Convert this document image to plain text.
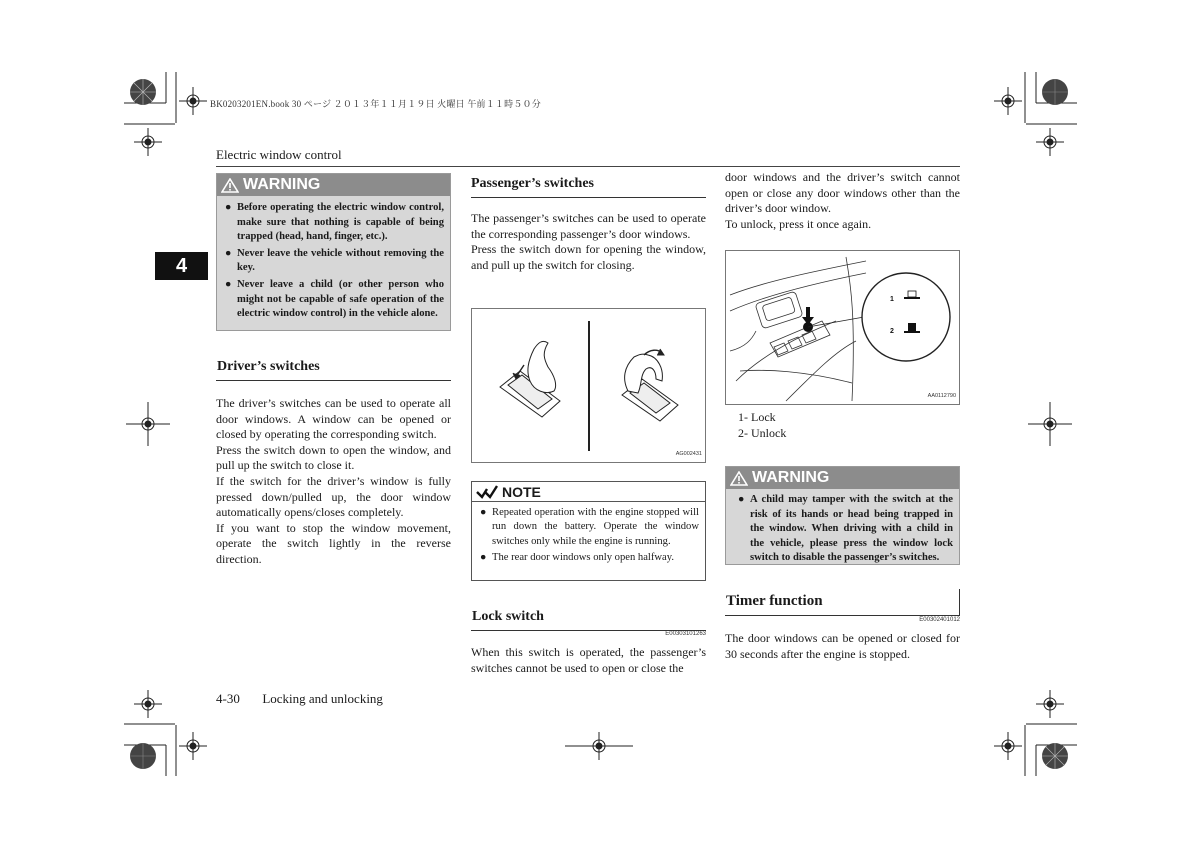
BK0203201EN.book 30 ページ ２０１３年１１月１９日 火曜日 午前１１時５０分
Electric window control
4
WARNING
● Before operating the electric window control, make sure that nothing is capable of being trapped (head, hand, finger, etc.).
● Never leave the vehicle without removing the key.
● Never leave a child (or other person who might not be capable of safe operation of the electric window control) in the vehicle alone.
Driver’s switches

The driver’s switches can be used to operate all door windows. A window can be opened or closed by operating the corresponding switch.

Press the switch down to open the window, and pull up the switch to close it.

If the switch for the driver’s window is fully pressed down/pulled up, the door window automatically opens/closes completely.

If you want to stop the window movement, operate the switch lightly in the reverse direction.

Passenger’s switches

The passenger’s switches can be used to operate the corresponding passenger’s door windows.

Press the switch down for opening the window, and pull up the switch for closing.

AG002431
NOTE
● Repeated operation with the engine stopped will run down the battery. Operate the window switches only while the engine is running.
● The rear door windows only open halfway.
Lock switch
E00303101263

When this switch is operated, the passenger’s switches cannot be used to open or close the

door windows and the driver’s switch cannot open or close any door windows other than the driver’s door window.

To unlock, press it once again.

1
2
AA0112790
1- Lock
2- Unlock
WARNING
● A child may tamper with the switch at the risk of its hands or head being trapped in the window. When driving with a child in the vehicle, please press the window lock switch to disable the passenger’s switches.
Timer function
E00302401012

The door windows can be opened or closed for 30 seconds after the engine is stopped.

4-30 Locking and unlocking
